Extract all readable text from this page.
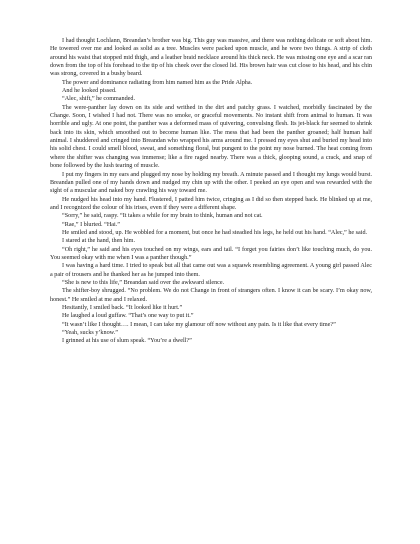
I had thought Lochlann, Breandan’s brother was big. This guy was massive, and there was nothing delicate or soft about him. He towered over me and looked as solid as a tree. Muscles were packed upon muscle, and he wore two things. A strip of cloth around his waist that stopped mid thigh, and a leather braid necklace around his thick neck. He was missing one eye and a scar ran down from the top of his forehead to the tip of his cheek over the closed lid. His brown hair was cut close to his head, and his chin was strong, covered in a bushy beard.

The power and dominance radiating from him named him as the Pride Alpha.

And he looked pissed.

“Alec, shift,” he commanded.

The were-panther lay down on its side and writhed in the dirt and patchy grass. I watched, morbidly fascinated by the Change. Soon, I wished I had not. There was no smoke, or graceful movements. No instant shift from animal to human. It was horrible and ugly. At one point, the panther was a deformed mass of quivering, convulsing flesh. Its jet-black fur seemed to shrink back into its skin, which smoothed out to become human like. The mess that had been the panther groaned; half human half animal. I shuddered and cringed into Breandan who wrapped his arms around me. I pressed my eyes shut and buried my head into his solid chest. I could smell blood, sweat, and something floral, but pungent to the point my nose burned. The heat coming from where the shifter was changing was immense; like a fire raged nearby. There was a thick, glooping sound, a crack, and snap of bone followed by the lush tearing of muscle.

I put my fingers in my ears and plugged my nose by holding my breath. A minute passed and I thought my lungs would burst. Breandan pulled one of my hands down and nudged my chin up with the other. I peeked an eye open and was rewarded with the sight of a muscular and naked boy crawling his way toward me.

He nudged his head into my hand. Flustered, I patted him twice, cringing as I did so then stepped back. He blinked up at me, and I recognized the colour of his irises, even if they were a different shape.

“Sorry,” he said, raspy. “It takes a while for my brain to think, human and not cat.

“Rae,” I blurted. “Hai.”

He smiled and stood, up. He wobbled for a moment, but once he had steadied his legs, he held out his hand. “Alec,” he said.

I stared at the hand, then him.

“Oh right,” he said and his eyes touched on my wings, ears and tail. “I forget you fairies don’t like touching much, do you. You seemed okay with me when I was a panther though.”

I was having a hard time. I tried to speak but all that came out was a squawk resembling agreement. A young girl passed Alec a pair of trousers and he thanked her as he jumped into them.

“She is new to this life,” Breandan said over the awkward silence.

The shifter-boy shrugged. “No problem. We do not Change in front of strangers often. I know it can be scary. I’m okay now, honest.” He smiled at me and I relaxed.

Hesitantly, I smiled back. “It looked like it hurt.”

He laughed a loud guffaw. “That’s one way to put it.”

“It wasn’t like I thought…. I mean, I can take my glamour off now without any pain. Is it like that every time?”

“Yeah, sucks y’know.”

I grinned at his use of slum speak. “You’re a dwell?”
